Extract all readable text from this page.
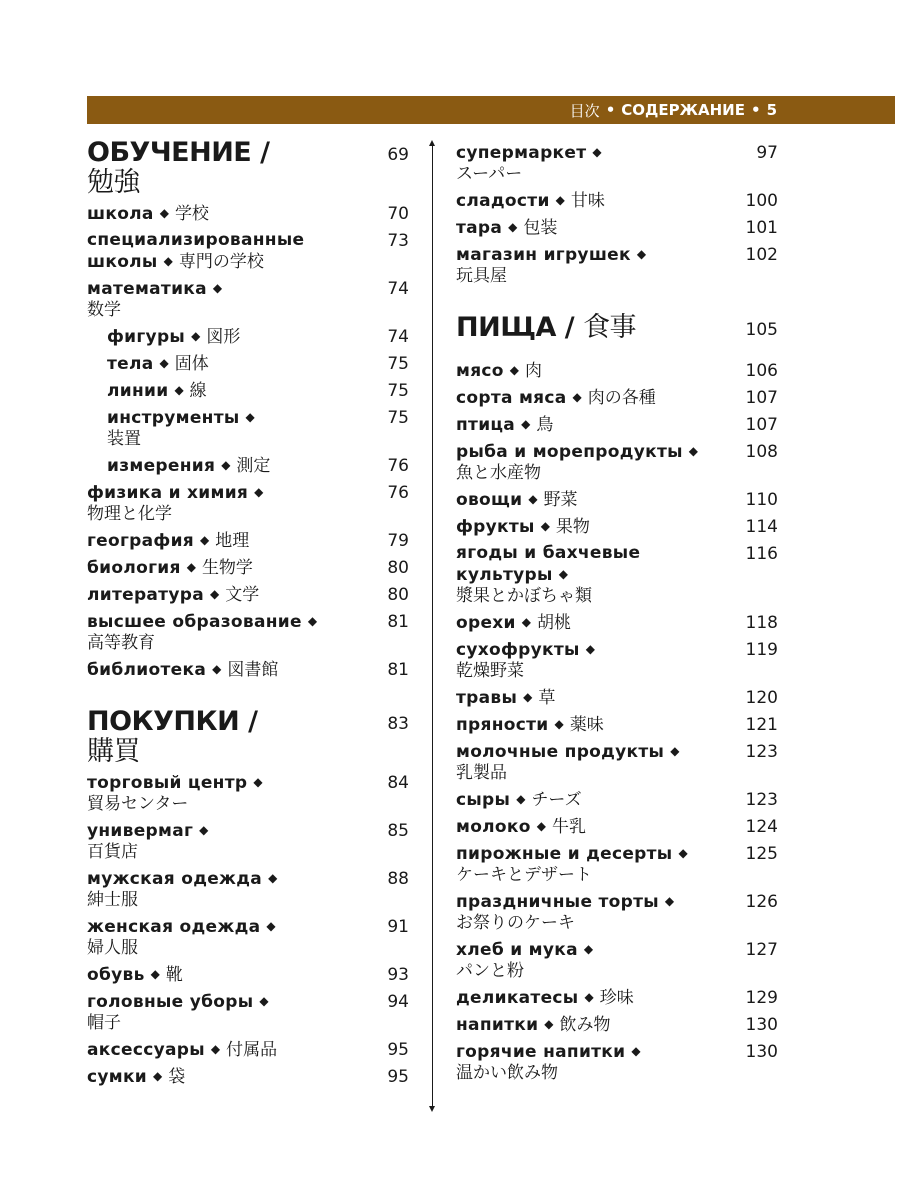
目次 • СОДЕРЖАНИЕ • 5
ОБУЧЕНИЕ /
勉強
69
школа ◆ 学校	70
специализированные школы ◆ 専門の学校
73
математика ◆
数学
74
фигуры ◆ 図形	74
тела ◆ 固体	75
линии ◆ 線	75
инструменты ◆
装置
75
измерения ◆ 測定	76
физика и химия ◆
物理と化学
76
география ◆ 地理	79
биология ◆ 生物学	80
литература ◆ 文学	80
высшее образование ◆
高等教育
81
библиотека ◆ 図書館	81
ПОКУПКИ /
購買
83
торговый центр ◆
貿易センター
84
универмаг ◆
百貨店
85
мужская одежда ◆
紳士服
88
женская одежда ◆
婦人服
91
обувь ◆ 靴	93
головные уборы ◆
帽子
94
аксессуары ◆ 付属品	95
сумки ◆ 袋	95
супермаркет ◆
スーパー
97
сладости ◆ 甘味	100
тара ◆ 包装	101
магазин игрушек ◆
玩具屋
102
ПИЩА / 食事	105
мясо ◆ 肉	106
сорта мяса ◆ 肉の各種	107
птица ◆ 鳥	107
рыба и морепродукты ◆
魚と水産物
108
овощи ◆ 野菜	110
фрукты ◆ 果物	114
ягоды и бахчевые культуры ◆
漿果とかぼちゃ類
116
орехи ◆ 胡桃	118
сухофрукты ◆
乾燥野菜
119
травы ◆ 草	120
пряности ◆ 薬味	121
молочные продукты ◆
乳製品
123
сыры ◆ チーズ	123
молоко ◆ 牛乳	124
пирожные и десерты ◆
ケーキとデザート
125
праздничные торты ◆
お祭りのケーキ
126
хлеб и мука ◆
パンと粉
127
деликатесы ◆ 珍味	129
напитки ◆ 飲み物	130
горячие напитки ◆
温かい飲み物
130
